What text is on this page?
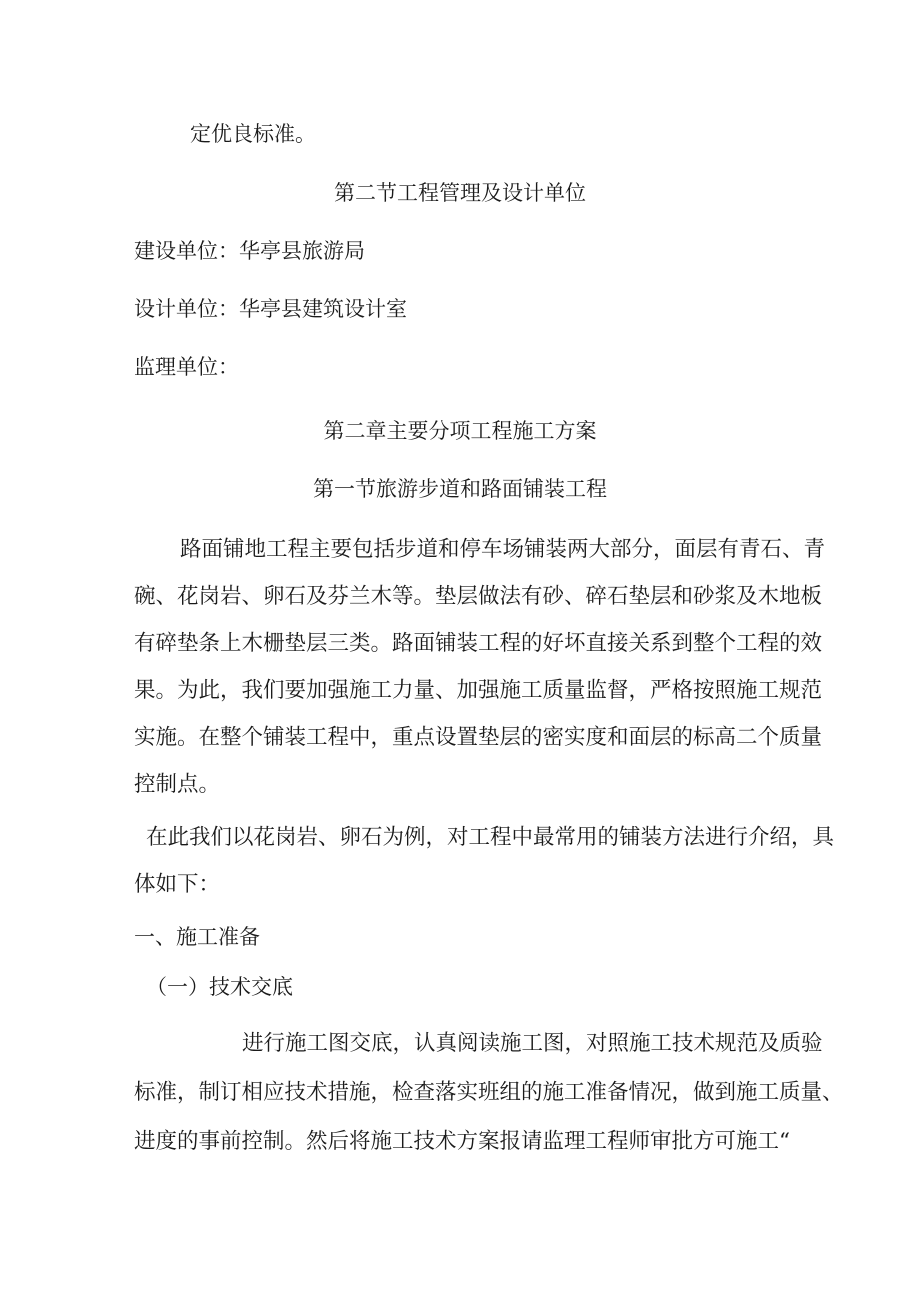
定优良标准。

第二节工程管理及设计单位

建设单位：华亭县旅游局

设计单位：华亭县建筑设计室

监理单位：

第二章主要分项工程施工方案

第一节旅游步道和路面铺装工程

路面铺地工程主要包括步道和停车场铺装两大部分，面层有青石、青

碗、花岗岩、卵石及芬兰木等。垫层做法有砂、碎石垫层和砂浆及木地板

有碎垫条上木栅垫层三类。路面铺装工程的好坏直接关系到整个工程的效

果。为此，我们要加强施工力量、加强施工质量监督，严格按照施工规范

实施。在整个铺装工程中，重点设置垫层的密实度和面层的标高二个质量

控制点。

在此我们以花岗岩、卵石为例，对工程中最常用的铺装方法进行介绍，具

体如下：

一、施工准备

（一）技术交底

进行施工图交底，认真阅读施工图，对照施工技术规范及质验

标准，制订相应技术措施，检查落实班组的施工准备情况，做到施工质量、

进度的事前控制。然后将施工技术方案报请监理工程师审批方可施工“
